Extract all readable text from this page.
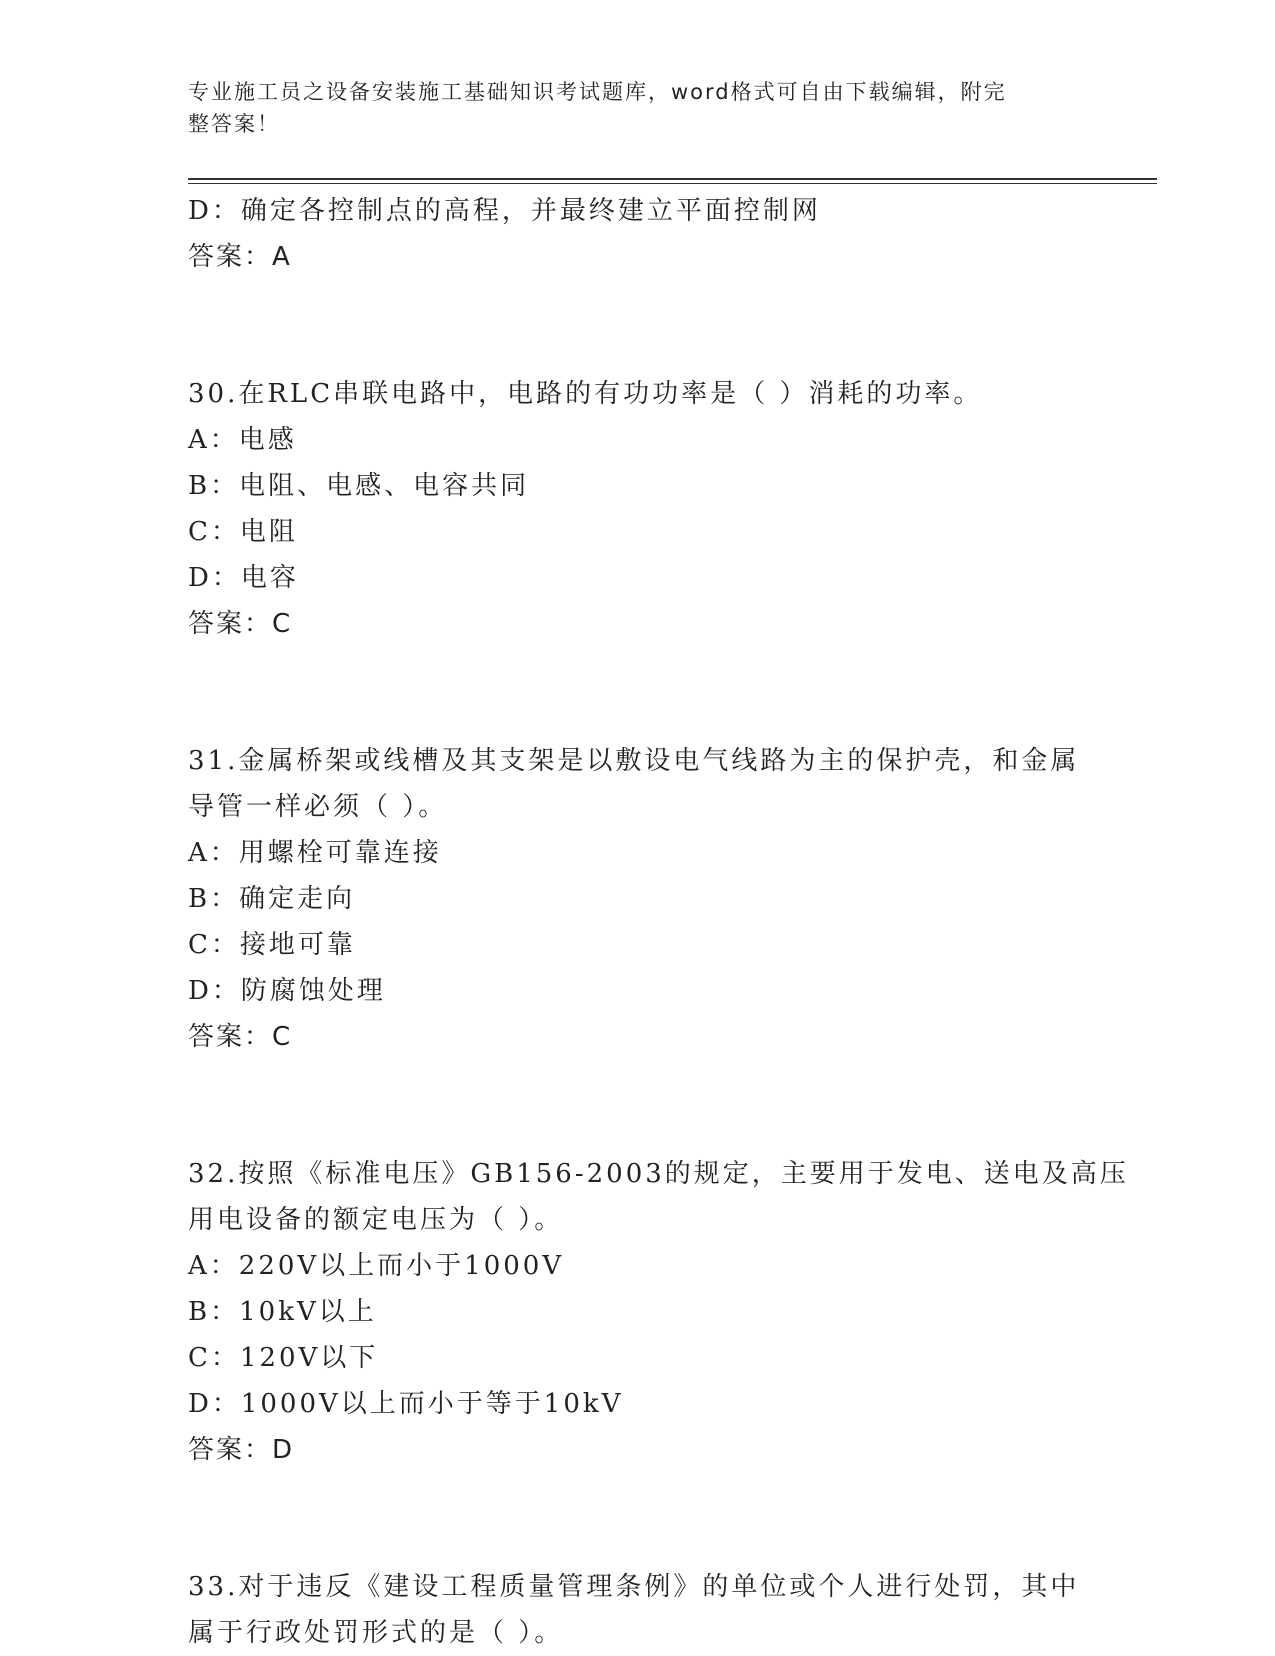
专业施工员之设备安装施工基础知识考试题库，word格式可自由下载编辑，附完
整答案！
D：确定各控制点的高程，并最终建立平面控制网
答案：A
30.在RLC串联电路中，电路的有功功率是（ ）消耗的功率。
A：电感
B：电阻、电感、电容共同
C：电阻
D：电容
答案：C
31.金属桥架或线槽及其支架是以敷设电气线路为主的保护壳，和金属
导管一样必须（ ）。
A：用螺栓可靠连接
B：确定走向
C：接地可靠
D：防腐蚀处理
答案：C
32.按照《标准电压》GB156-2003的规定，主要用于发电、送电及高压
用电设备的额定电压为（ ）。
A：220V以上而小于1000V
B：10kV以上
C：120V以下
D：1000V以上而小于等于10kV
答案：D
33.对于违反《建设工程质量管理条例》的单位或个人进行处罚，其中
属于行政处罚形式的是（ ）。
